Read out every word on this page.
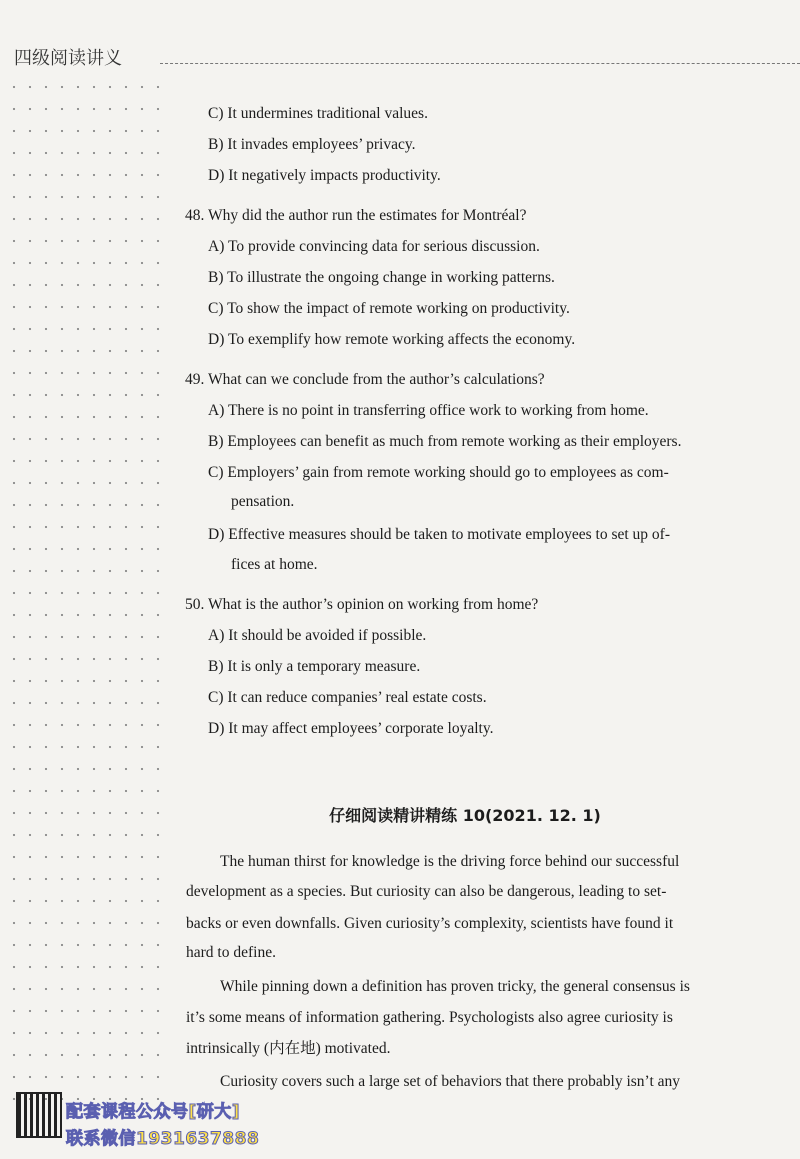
四级阅读讲义
C) It undermines traditional values.
B) It invades employees’ privacy.
D) It negatively impacts productivity.
48. Why did the author run the estimates for Montréal?
A) To provide convincing data for serious discussion.
B) To illustrate the ongoing change in working patterns.
C) To show the impact of remote working on productivity.
D) To exemplify how remote working affects the economy.
49. What can we conclude from the author’s calculations?
A) There is no point in transferring office work to working from home.
B) Employees can benefit as much from remote working as their employers.
C) Employers’ gain from remote working should go to employees as com-
pensation.
D) Effective measures should be taken to motivate employees to set up of-
fices at home.
50. What is the author’s opinion on working from home?
A) It should be avoided if possible.
B) It is only a temporary measure.
C) It can reduce companies’ real estate costs.
D) It may affect employees’ corporate loyalty.
The human thirst for knowledge is the driving force behind our successful
development as a species. But curiosity can also be dangerous, leading to set-
backs or even downfalls. Given curiosity’s complexity, scientists have found it
hard to define.
While pinning down a definition has proven tricky, the general consensus is
it’s some means of information gathering. Psychologists also agree curiosity is
intrinsically (内在地) motivated.
Curiosity covers such a large set of behaviors that there probably isn’t any
仔细阅读精讲精练 10(2021. 12. 1)
配套课程公众号[研大]
联系微信1931637888
